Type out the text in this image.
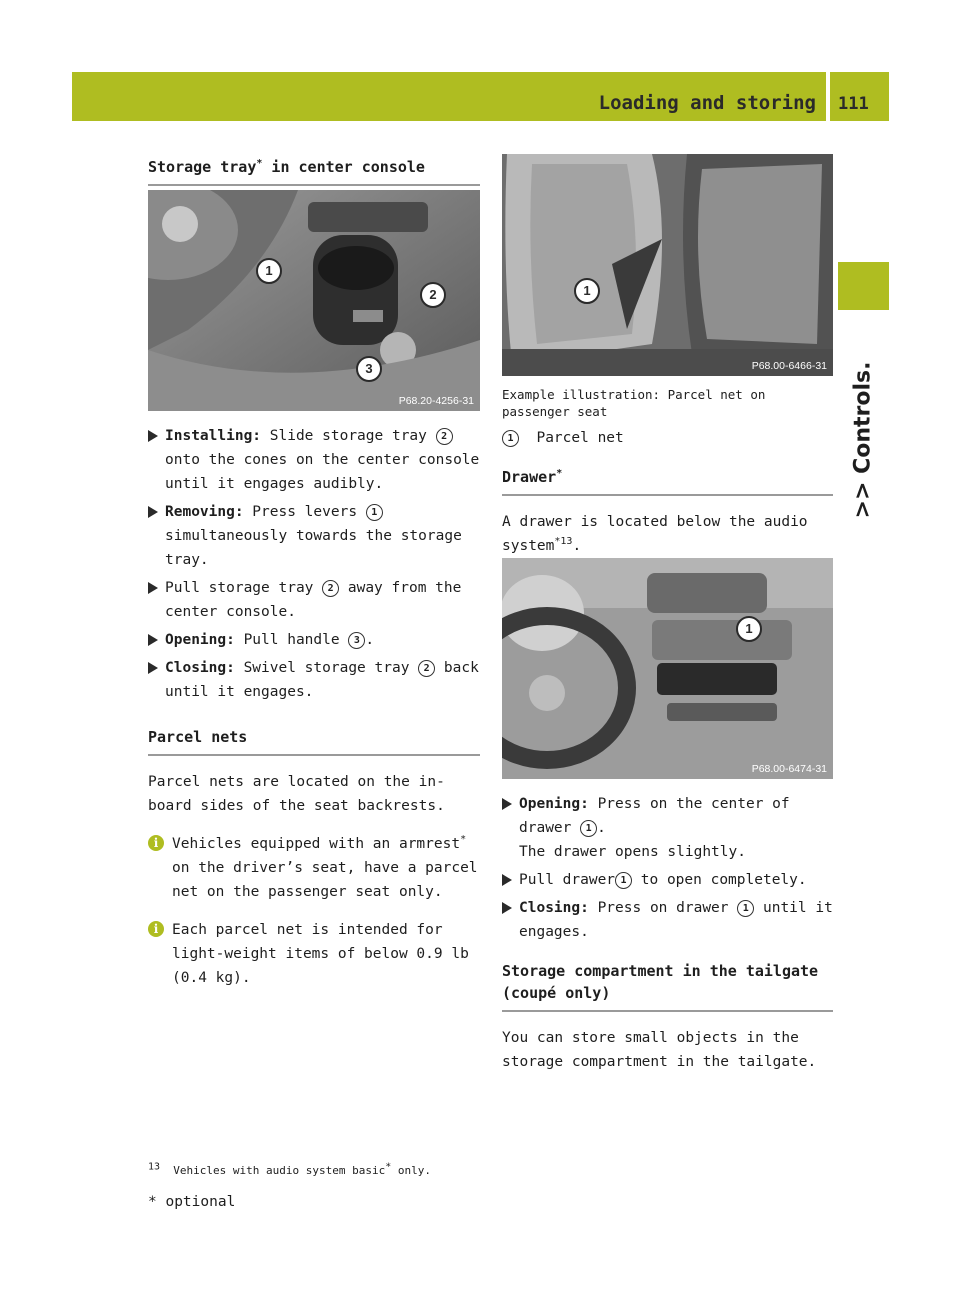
Loading and storing 111
>> Controls.
Storage tray* in center console
1
2
3
P68.20-4256-31
Installing: Slide storage tray 2 onto the cones on the center console until it engages audibly.
Removing: Press levers 1 simultaneously towards the storage tray.
Pull storage tray 2 away from the center console.
Opening: Pull handle 3 .
Closing: Swivel storage tray 2 back until it engages.
Parcel nets

Parcel nets are located on the in-board sides of the seat backrests.

i Vehicles equipped with an armrest* on the driver’s seat, have a parcel net on the passenger seat only.
i Each parcel net is intended for light-weight items of below 0.9 lb (0.4 kg).
1
P68.00-6466-31

Example illustration: Parcel net on passenger seat

1 Parcel net

Drawer*

A drawer is located below the audio system$^{*13}$.

1
P68.00-6474-31
Opening: Press on the center of drawer 1 .
The drawer opens slightly.
Pull drawer 1 to open completely.
Closing: Press on drawer 1 until it engages.
Storage compartment in the tailgate (coupé only)

You can store small objects in the storage compartment in the tailgate.

$^{13}$ Vehicles with audio system basic* only.
* optional
